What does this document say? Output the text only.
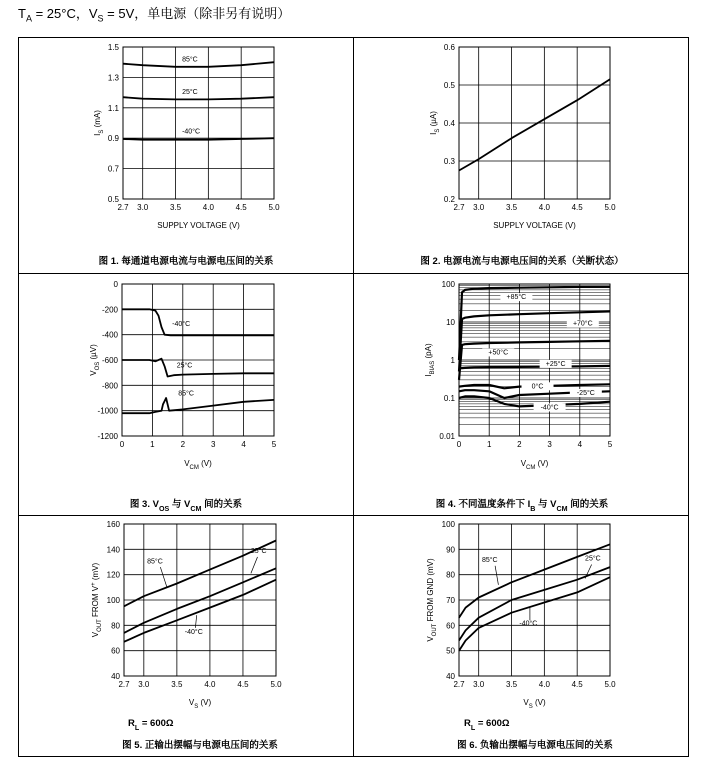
$T_A = 25^\circ C$，$V_S = 5V$，单电源（除非另有说明）
2.7 3.0	3.5	4.0	4.5	5.0
0.5
0.7
0.9
1.1
1.3
1.5
SUPPLY VOLTAGE (V)
$I_S$ (mA)
图 1. 每通道电源电流与电源电压间的关系
85°C
25°C
-40°C
2.7 3.0	3.5	4.0	4.5	5.0
0.2
0.3
0.4
0.5
0.6
SUPPLY VOLTAGE (V)
$I_S$ (µA)
图 2. 电源电流与电源电压间的关系（关断状态）
0	1	2	3	4	5
0
-200
-400
-600
-800
-1000
-1200
$V_{CM}$ (V)
$V_{OS}$ (µV)
图 3. $V_{OS}$ 与 $V_{CM}$ 间的关系
-40°C
25°C
85°C
0	1	2	3	4	5
0.01
0.1
1
10
100
$V_{CM}$ (V)
$I_{BIAS}$ (pA)
图 4. 不同温度条件下 $I_B$ 与 $V_{CM}$ 间的关系
+85°C
+70°C
+50°C
+25°C
0°C
-25°C
-40°C
2.7 3.0	3.5	4.0	4.5	5.0
40
60
80
100
120
140
160
$V_S$ (V)
$V_{OUT}$ FROM V+ (mV)
$R_L = 600\Omega$
图 5. 正输出摆幅与电源电压间的关系
85°C
25°C
-40°C
2.7 3.0	3.5	4.0	4.5	5.0
40
50
60
70
80
90
100
$V_S$ (V)
$V_{OUT}$ FROM GND (mV)
$R_L = 600\Omega$
图 6. 负输出摆幅与电源电压间的关系
85°C	25°C
-40°C
